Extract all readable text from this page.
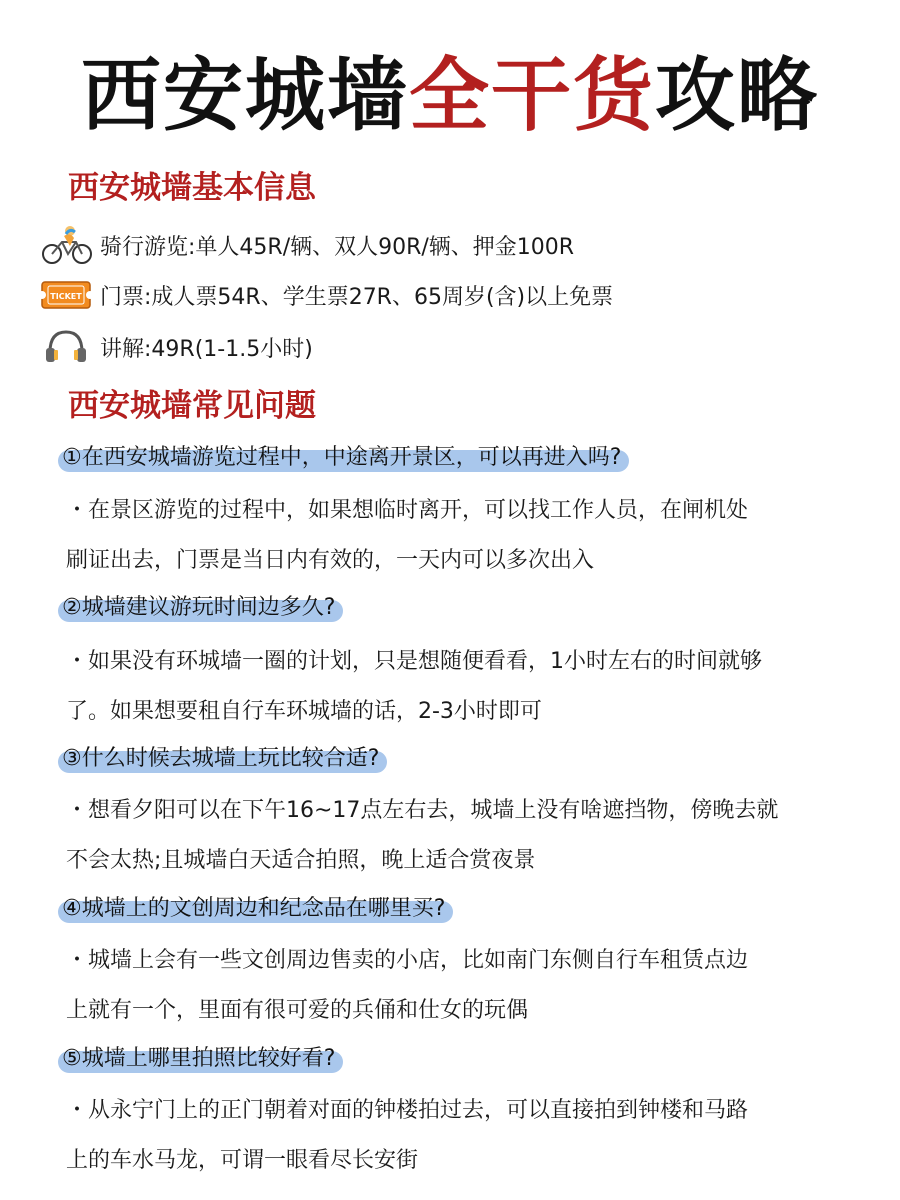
西安城墙全干货攻略
西安城墙基本信息
骑行游览:单人45R/辆、双人90R/辆、押金100R
TICKET 门票:成人票54R、学生票27R、65周岁(含)以上免票
讲解:49R(1-1.5小时)
西安城墙常见问题
①在西安城墙游览过程中，中途离开景区，可以再进入吗?
・在景区游览的过程中，如果想临时离开，可以找工作人员，在闸机处
刷证出去，门票是当日内有效的，一天内可以多次出入
②城墙建议游玩时间边多久?
・如果没有环城墙一圈的计划，只是想随便看看，1小时左右的时间就够
了。如果想要租自行车环城墙的话，2-3小时即可
③什么时候去城墙上玩比较合适?
・想看夕阳可以在下午16~17点左右去，城墙上没有啥遮挡物，傍晚去就
不会太热;且城墙白天适合拍照，晚上适合赏夜景
④城墙上的文创周边和纪念品在哪里买?
・城墙上会有一些文创周边售卖的小店，比如南门东侧自行车租赁点边
上就有一个，里面有很可爱的兵俑和仕女的玩偶
⑤城墙上哪里拍照比较好看?
・从永宁门上的正门朝着对面的钟楼拍过去，可以直接拍到钟楼和马路
上的车水马龙，可谓一眼看尽长安街
